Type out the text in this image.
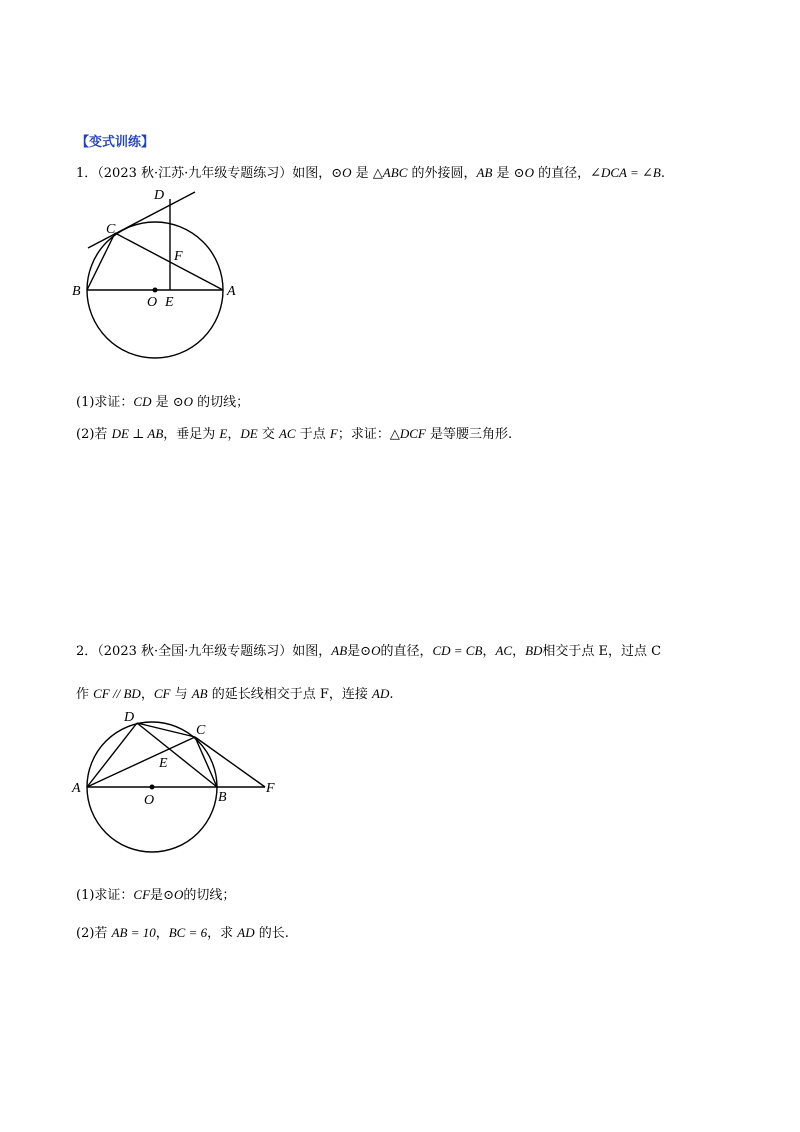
【变式训练】
1．（2023 秋·江苏·九年级专题练习）如图，⊙O 是 △ABC 的外接圆，AB 是 ⊙O 的直径，∠DCA = ∠B.
D
C
F
B
O E
A
(1)求证：CD 是 ⊙O 的切线；
(2)若 DE ⊥ AB，垂足为 E，DE 交 AC 于点 F；求证：△DCF 是等腰三角形.
2．（2023 秋·全国·九年级专题练习）如图，AB是⊙O的直径，CD = CB，AC，BD相交于点 E，过点 C
作 CF // BD，CF 与 AB 的延长线相交于点 F，连接 AD.
D
C
E
A
O	B
F
(1)求证：CF是⊙O的切线；
(2)若 AB = 10，BC = 6，求 AD 的长.
